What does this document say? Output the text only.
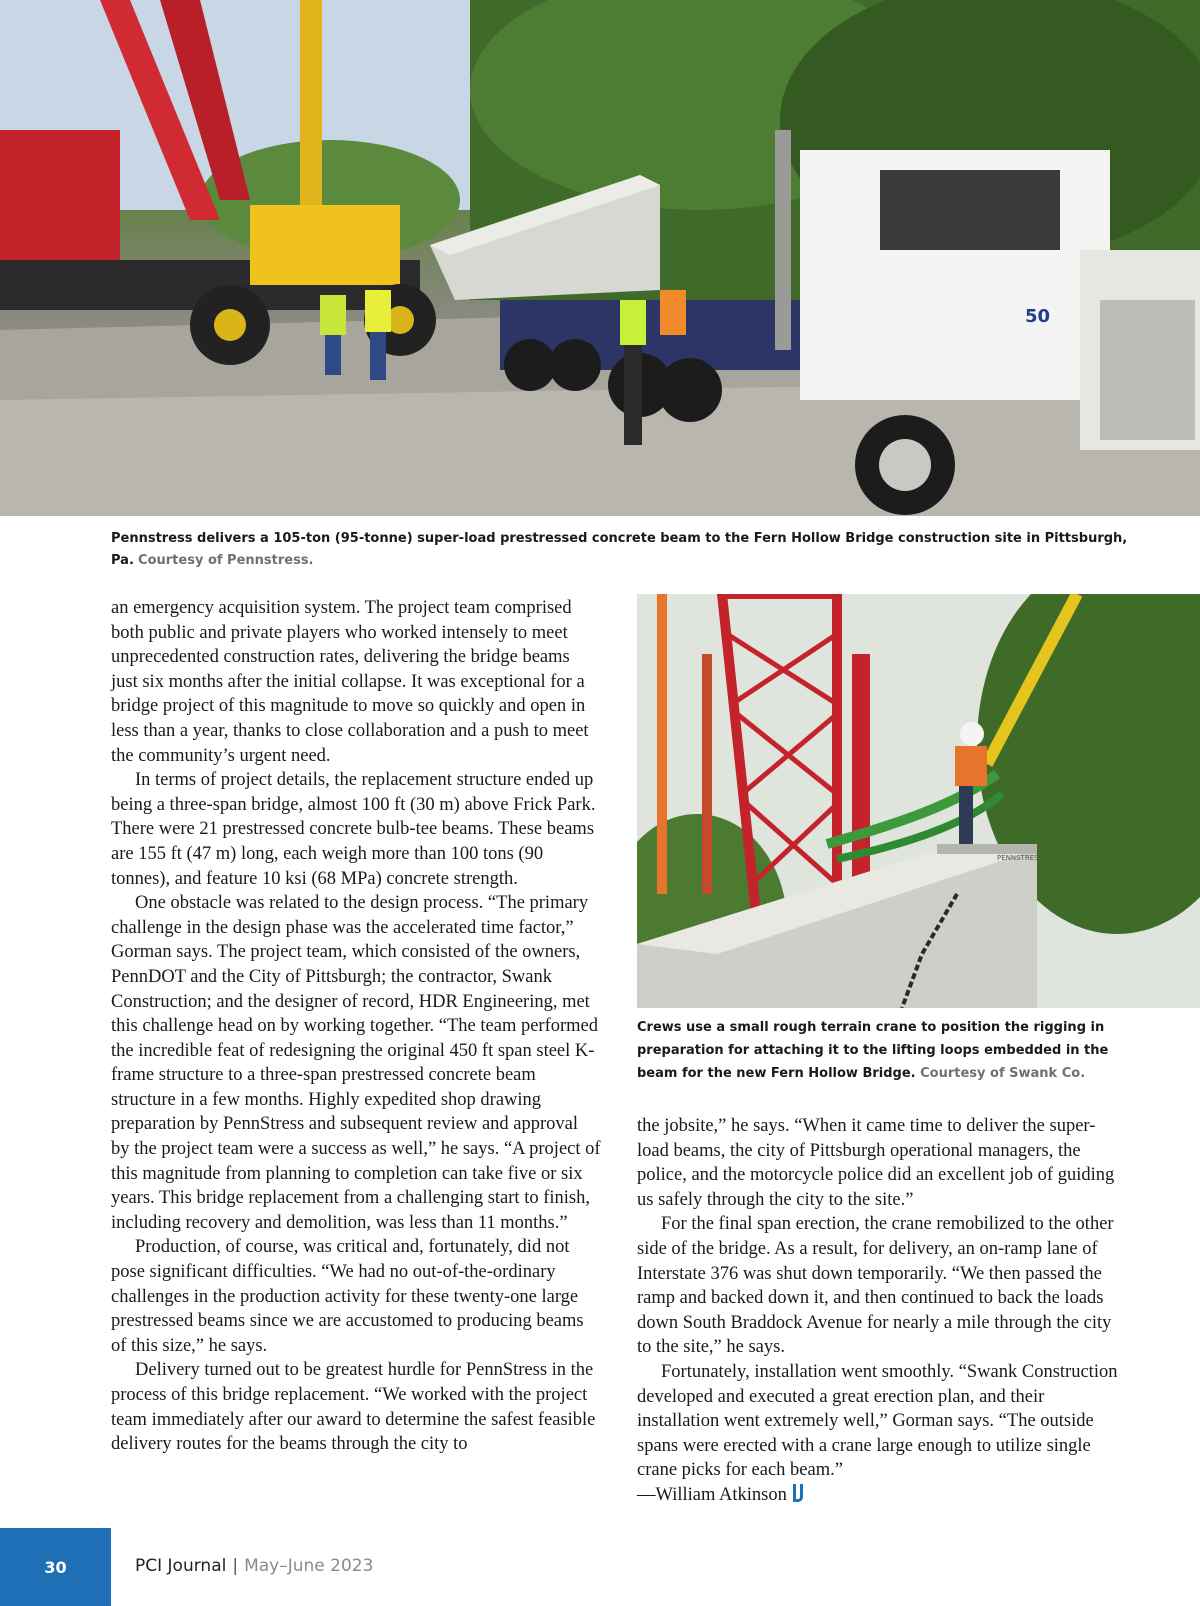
50
Pennstress delivers a 105-ton (95-tonne) super-load prestressed concrete beam to the Fern Hollow Bridge construction site in Pittsburgh, Pa. Courtesy of Pennstress.

an emergency acquisition system. The project team comprised both public and private players who worked intensely to meet unprecedented construction rates, delivering the bridge beams just six months after the initial collapse. It was exceptional for a bridge project of this magnitude to move so quickly and open in less than a year, thanks to close collaboration and a push to meet the community’s urgent need.

In terms of project details, the replacement structure ended up being a three-span bridge, almost 100 ft (30 m) above Frick Park. There were 21 prestressed concrete bulb-tee beams. These beams are 155 ft (47 m) long, each weigh more than 100 tons (90 tonnes), and feature 10 ksi (68 MPa) concrete strength.

One obstacle was related to the design process. “The primary challenge in the design phase was the accelerated time factor,” Gorman says. The project team, which consisted of the owners, PennDOT and the City of Pittsburgh; the contractor, Swank Construction; and the designer of record, HDR Engineering, met this challenge head on by working together. “The team performed the incredible feat of redesigning the original 450 ft span steel K-frame structure to a three-span prestressed concrete beam structure in a few months. Highly expedited shop drawing preparation by PennStress and subsequent review and approval by the project team were a success as well,” he says. “A project of this magnitude from planning to completion can take five or six years. This bridge replacement from a challenging start to finish, including recovery and demolition, was less than 11 months.”

Production, of course, was critical and, fortunately, did not pose significant difficulties. “We had no out-of-the-ordinary challenges in the production activity for these twenty-one large prestressed beams since we are accustomed to producing beams of this size,” he says.

Delivery turned out to be greatest hurdle for PennStress in the process of this bridge replacement. “We worked with the project team immediately after our award to determine the safest feasible delivery routes for the beams through the city to

PENNSTRESS
Crews use a small rough terrain crane to position the rigging in preparation for attaching it to the lifting loops embedded in the beam for the new Fern Hollow Bridge. Courtesy of Swank Co.

the jobsite,” he says. “When it came time to deliver the super-load beams, the city of Pittsburgh operational managers, the police, and the motorcycle police did an excellent job of guiding us safely through the city to the site.”

For the final span erection, the crane remobilized to the other side of the bridge. As a result, for delivery, an on-ramp lane of Interstate 376 was shut down temporarily. “We then passed the ramp and backed down it, and then continued to back the loads down South Braddock Avenue for nearly a mile through the city to the site,” he says.

Fortunately, installation went smoothly. “Swank Construction developed and executed a great erection plan, and their installation went extremely well,” Gorman says. “The outside spans were erected with a crane large enough to utilize single crane picks for each beam.”

—William Atkinson

30	PCI Journal | May–June 2023
